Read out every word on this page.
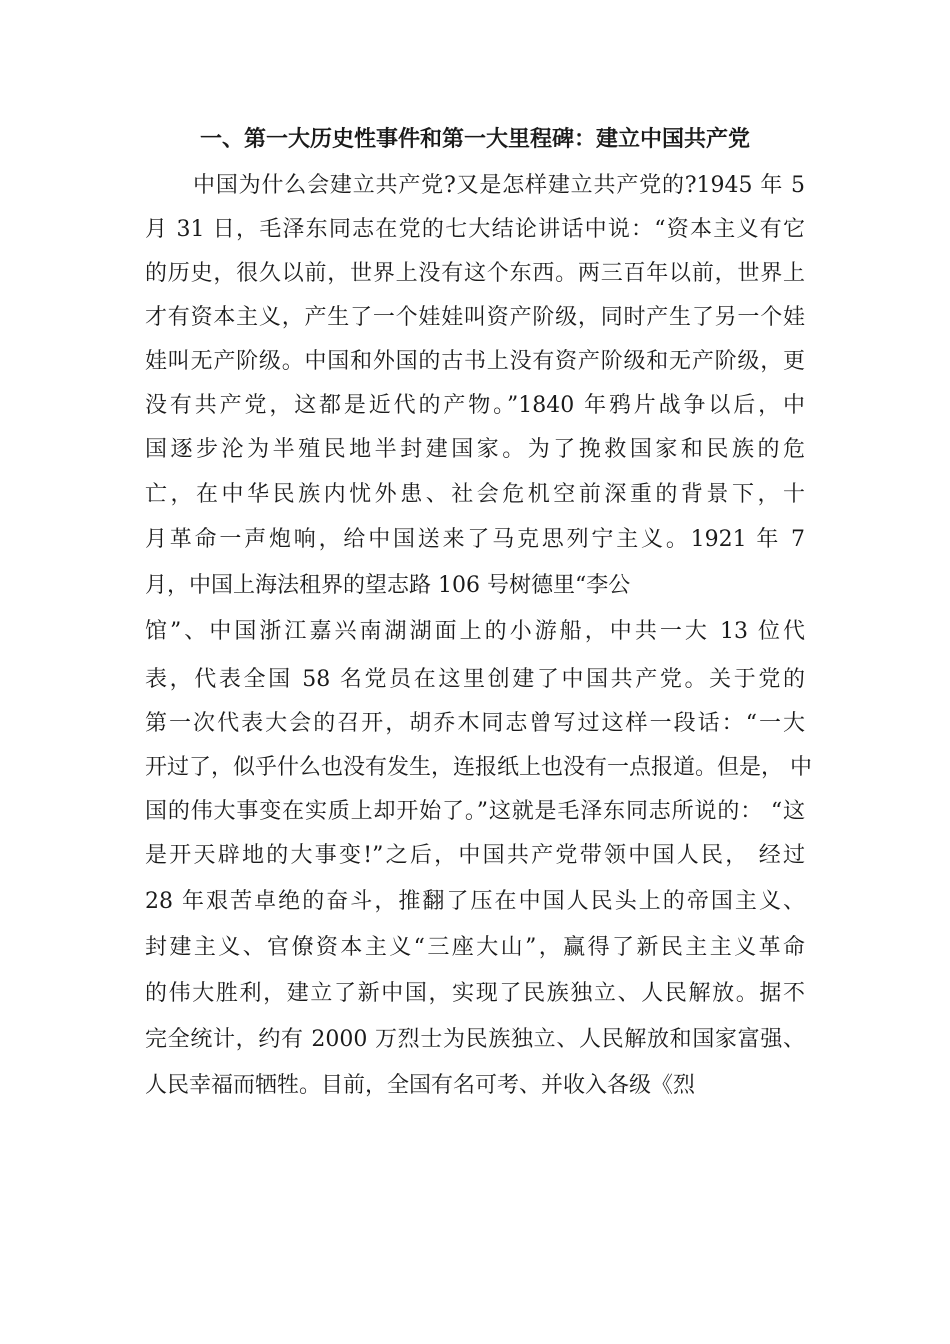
一、第一大历史性事件和第一大里程碑：建立中国共产党
中国为什么会建立共产党?又是怎样建立共产党的?1945 年 5
月 31 日，毛泽东同志在党的七大结论讲话中说：“资本主义有它
的历史，很久以前，世界上没有这个东西。两三百年以前，世界上
才有资本主义，产生了一个娃娃叫资产阶级，同时产生了另一个娃
娃叫无产阶级。中国和外国的古书上没有资产阶级和无产阶级，更
没有共产党，这都是近代的产物。”1840 年鸦片战争以后，中
国逐步沦为半殖民地半封建国家。为了挽救国家和民族的危
亡，在中华民族内忧外患、社会危机空前深重的背景下，十
月革命一声炮响，给中国送来了马克思列宁主义。1921 年 7
月，中国上海法租界的望志路 106 号树德里“李公
馆”、中国浙江嘉兴南湖湖面上的小游船，中共一大 13 位代
表，代表全国 58 名党员在这里创建了中国共产党。关于党的
第一次代表大会的召开，胡乔木同志曾写过这样一段话：“一大
开过了，似乎什么也没有发生，连报纸上也没有一点报道。但是， 中
国的伟大事变在实质上却开始了。”这就是毛泽东同志所说的： “这
是开天辟地的大事变!”之后，中国共产党带领中国人民， 经过
28 年艰苦卓绝的奋斗，推翻了压在中国人民头上的帝国主义、
封建主义、官僚资本主义“三座大山”，赢得了新民主主义革命
的伟大胜利，建立了新中国，实现了民族独立、人民解放。据不
完全统计，约有 2000 万烈士为民族独立、人民解放和国家富强、
人民幸福而牺牲。目前，全国有名可考、并收入各级《烈
